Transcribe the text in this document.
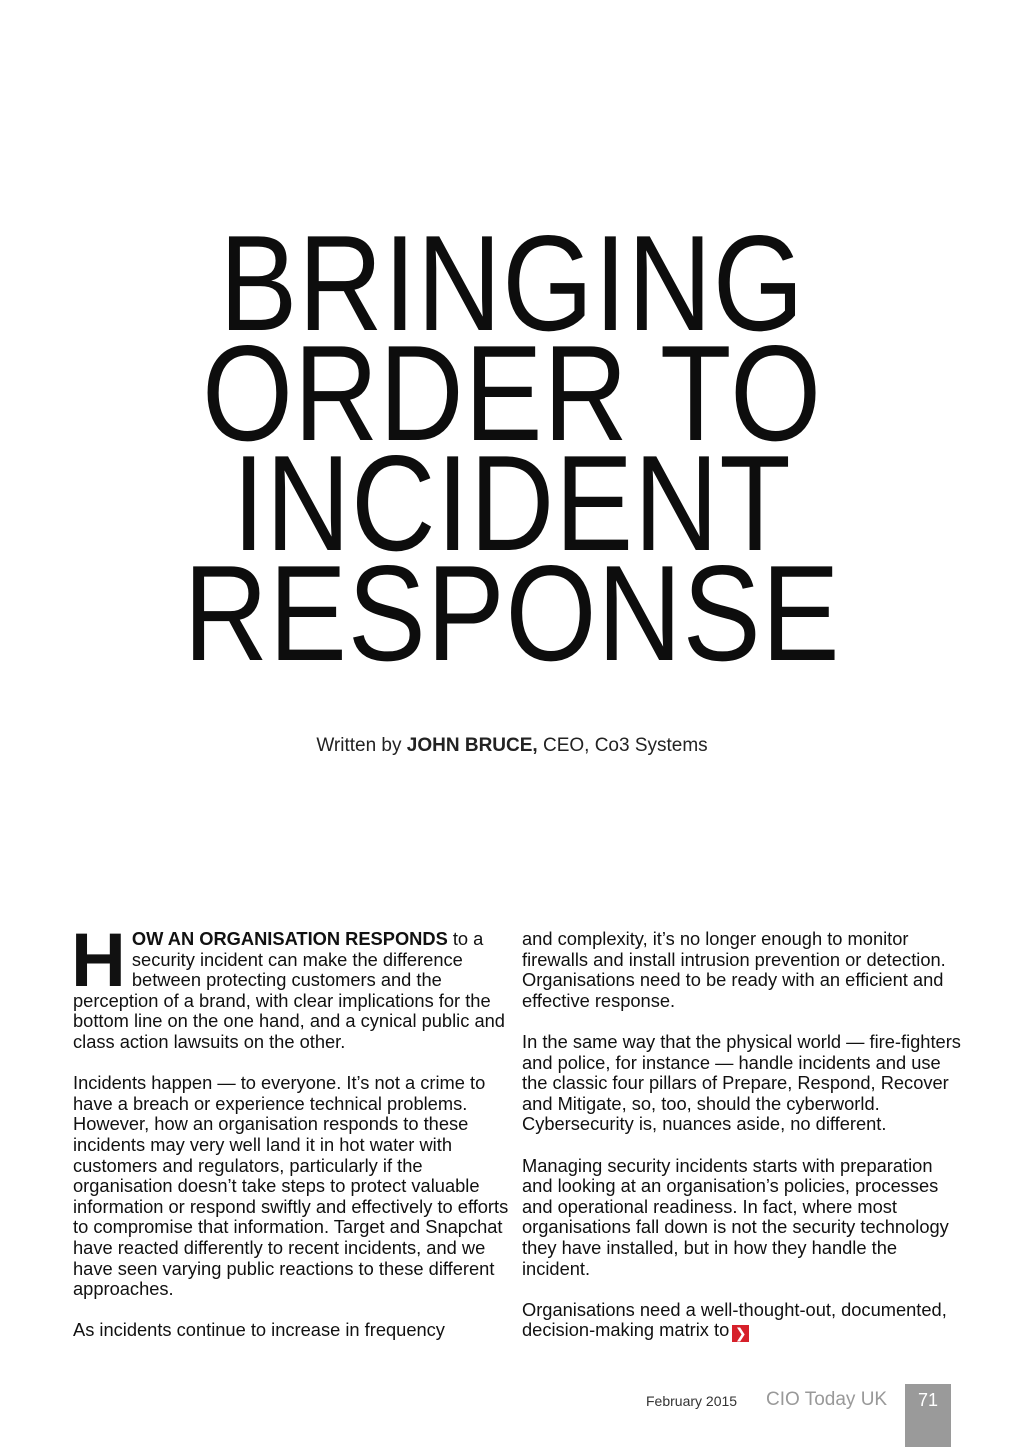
BRINGING
ORDER TO
INCIDENT
RESPONSE
Written by JOHN BRUCE, CEO, Co3 Systems

HOW AN ORGANISATION RESPONDS to a security incident can make the difference between protecting customers and the perception of a brand, with clear implications for the bottom line on the one hand, and a cynical public and class action lawsuits on the other.

Incidents happen — to everyone. It’s not a crime to have a breach or experience technical problems. However, how an organisation responds to these incidents may very well land it in hot water with customers and regulators, particularly if the organisation doesn’t take steps to protect valuable information or respond swiftly and effectively to efforts to compromise that information. Target and Snapchat have reacted differently to recent incidents, and we have seen varying public reactions to these different approaches.

As incidents continue to increase in frequency

and complexity, it’s no longer enough to monitor firewalls and install intrusion prevention or detection. Organisations need to be ready with an efficient and effective response.

In the same way that the physical world — fire-fighters and police, for instance — handle incidents and use the classic four pillars of Prepare, Respond, Recover and Mitigate, so, too, should the cyberworld. Cybersecurity is, nuances aside, no different.

Managing security incidents starts with preparation and looking at an organisation’s policies, processes and operational readiness. In fact, where most organisations fall down is not the security technology they have installed, but in how they handle the incident.

Organisations need a well-thought-out, documented, decision-making matrix to ❯

February 2015 CIO Today UK	71
